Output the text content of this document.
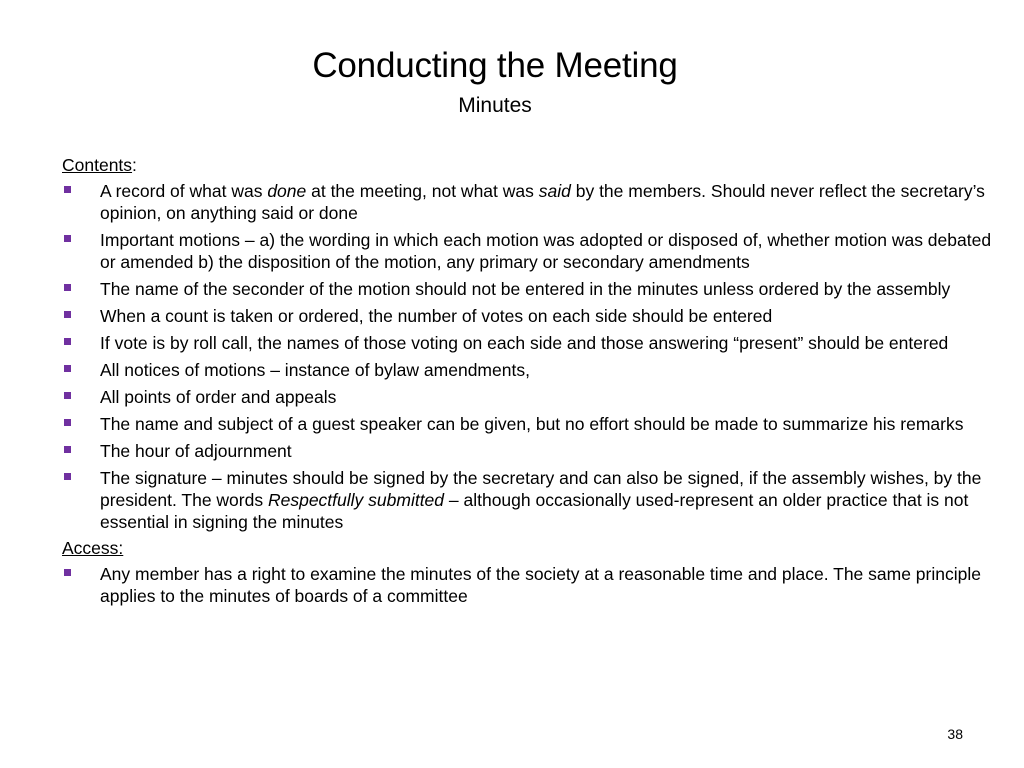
Conducting the Meeting
Minutes

Contents:

A record of what was done at the meeting, not what was said by the members. Should never reflect the secretary’s opinion, on anything said or done
Important motions – a) the wording in which each motion was adopted or disposed of, whether motion was debated or amended b) the disposition of the motion, any primary or secondary amendments
The name of the seconder of the motion should not be entered in the minutes unless ordered by the assembly
When a count is taken or ordered, the number of votes on each side should be entered
If vote is by roll call, the names of those voting on each side and those answering “present” should be entered
All notices of motions – instance of bylaw amendments,
All points of order and appeals
The name and subject of a guest speaker can be given, but no effort should be made to summarize his remarks
The hour of adjournment
The signature – minutes should be signed by the secretary and can also be signed, if the assembly wishes, by the president. The words Respectfully submitted – although occasionally used-represent an older practice that is not essential in signing the minutes

Access:

Any member has a right to examine the minutes of the society at a reasonable time and place. The same principle applies to the minutes of boards of a committee
38
